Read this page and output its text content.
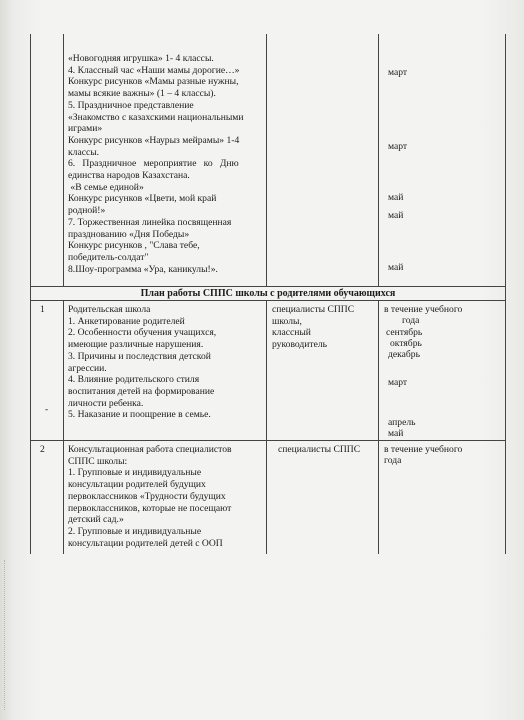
«Новогодняя игрушка» 1- 4 классы.
4. Классный час «Наши мамы дорогие…»
Конкурс рисунков «Мамы разные нужны,
мамы всякие важны» (1 – 4 классы).
5. Праздничное представление
«Знакомство с казахскими национальными
играми»
Конкурс рисунков «Наурыз мейрамы» 1-4
классы.
6.   Праздничное   мероприятие   ко   Дню
единства народов Казахстана.
«В семье единой»
Конкурс рисунков «Цвети, мой край
родной!»
7. Торжественная линейка посвященная
празднованию «Дня Победы»
Конкурс рисунков , "Слава тебе,
победитель-солдат"
8.Шоу-программа «Ура, каникулы!».
март
март
май
май
май
План работы СППС школы с родителями обучающихся
1
-
Родительская школа
1. Анкетирование родителей
2. Особенности обучения учащихся,
имеющие различные нарушения.
3. Причины и последствия детской
агрессии.
4. Влияние родительского стиля
воспитания детей на формирование
личности ребенка.
5. Наказание и поощрение в семье.
специалисты СППС
школы,
классный
руководитель
в течение учебного
года
сентябрь
октябрь
декабрь
март
апрель
май
2 Консультационная работа специалистов
СППС школы:
1. Групповые и индивидуальные
консультации родителей будущих
первоклассников «Трудности будущих
первоклассников, которые не посещают
детский сад.»
2. Групповые и индивидуальные
консультации родителей детей с ООП
специалисты СППС	в течение учебного
года
